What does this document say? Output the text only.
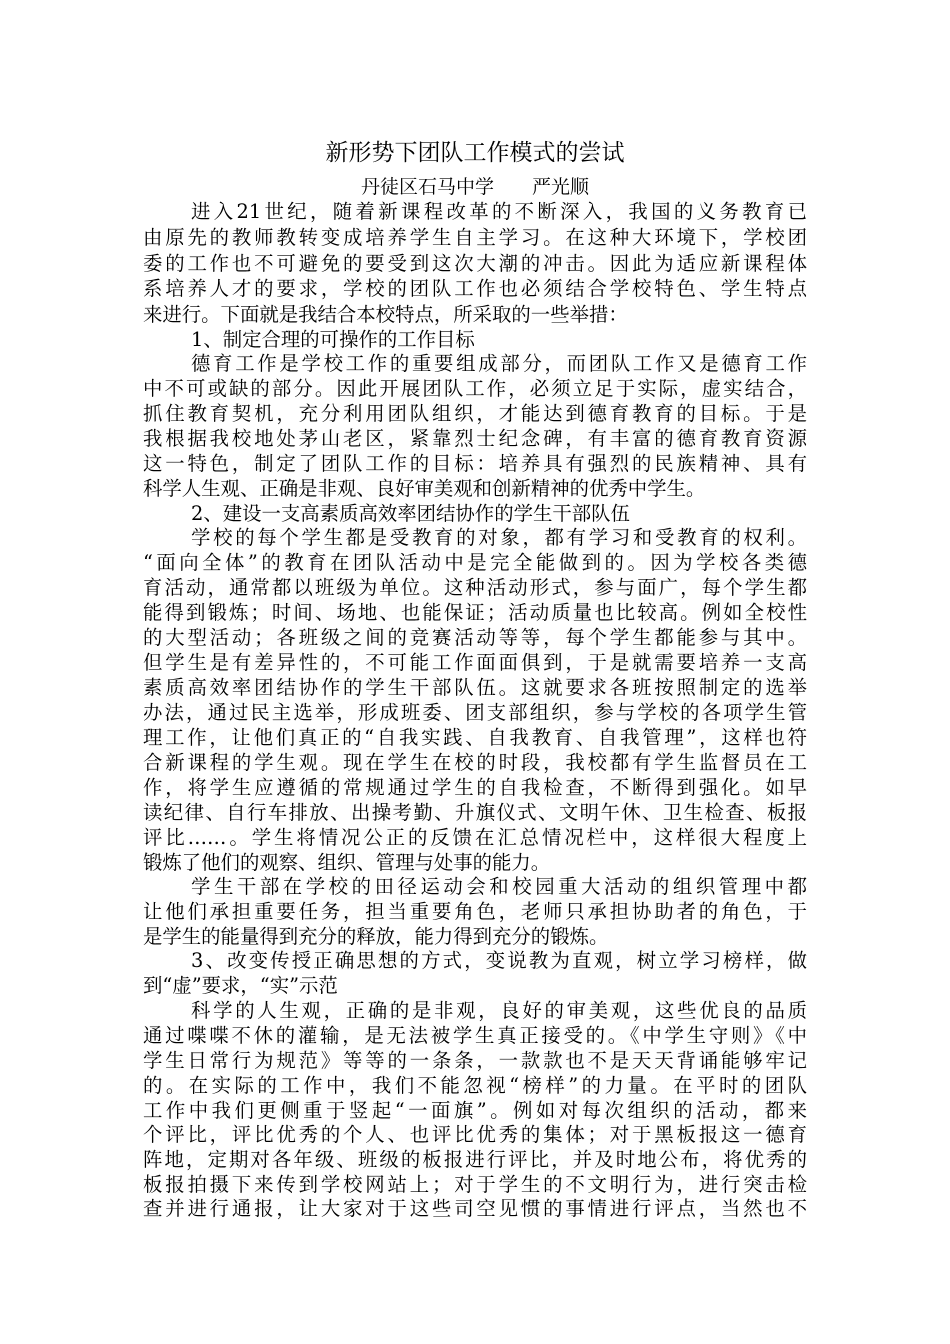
新形势下团队工作模式的尝试
丹徒区石马中学 严光顺
进入21世纪，随着新课程改革的不断深入，我国的义务教育已
由原先的教师教转变成培养学生自主学习。在这种大环境下，学校团
委的工作也不可避免的要受到这次大潮的冲击。因此为适应新课程体
系培养人才的要求，学校的团队工作也必须结合学校特色、学生特点
来进行。下面就是我结合本校特点，所采取的一些举措：
1、制定合理的可操作的工作目标
德育工作是学校工作的重要组成部分，而团队工作又是德育工作
中不可或缺的部分。因此开展团队工作，必须立足于实际，虚实结合，
抓住教育契机，充分利用团队组织，才能达到德育教育的目标。于是
我根据我校地处茅山老区，紧靠烈士纪念碑，有丰富的德育教育资源
这一特色，制定了团队工作的目标：培养具有强烈的民族精神、具有
科学人生观、正确是非观、良好审美观和创新精神的优秀中学生。
2、建设一支高素质高效率团结协作的学生干部队伍
学校的每个学生都是受教育的对象，都有学习和受教育的权利。
“面向全体”的教育在团队活动中是完全能做到的。因为学校各类德
育活动，通常都以班级为单位。这种活动形式，参与面广，每个学生都
能得到锻炼；时间、场地、也能保证；活动质量也比较高。例如全校性
的大型活动；各班级之间的竞赛活动等等，每个学生都能参与其中。
但学生是有差异性的，不可能工作面面俱到，于是就需要培养一支高
素质高效率团结协作的学生干部队伍。这就要求各班按照制定的选举
办法，通过民主选举，形成班委、团支部组织，参与学校的各项学生管
理工作，让他们真正的“自我实践、自我教育、自我管理”，这样也符
合新课程的学生观。现在学生在校的时段，我校都有学生监督员在工
作，将学生应遵循的常规通过学生的自我检查，不断得到强化。如早
读纪律、自行车排放、出操考勤、升旗仪式、文明午休、卫生检查、板报
评比……。学生将情况公正的反馈在汇总情况栏中，这样很大程度上
锻炼了他们的观察、组织、管理与处事的能力。
学生干部在学校的田径运动会和校园重大活动的组织管理中都
让他们承担重要任务，担当重要角色，老师只承担协助者的角色，于
是学生的能量得到充分的释放，能力得到充分的锻炼。
3、改变传授正确思想的方式，变说教为直观，树立学习榜样，做
到“虚”要求，“实”示范
科学的人生观，正确的是非观，良好的审美观，这些优良的品质
通过喋喋不休的灌输，是无法被学生真正接受的。《中学生守则》《中
学生日常行为规范》等等的一条条，一款款也不是天天背诵能够牢记
的。在实际的工作中，我们不能忽视“榜样”的力量。在平时的团队
工作中我们更侧重于竖起“一面旗”。例如对每次组织的活动，都来
个评比，评比优秀的个人、也评比优秀的集体；对于黑板报这一德育
阵地，定期对各年级、班级的板报进行评比，并及时地公布，将优秀的
板报拍摄下来传到学校网站上；对于学生的不文明行为，进行突击检
查并进行通报，让大家对于这些司空见惯的事情进行评点，当然也不
